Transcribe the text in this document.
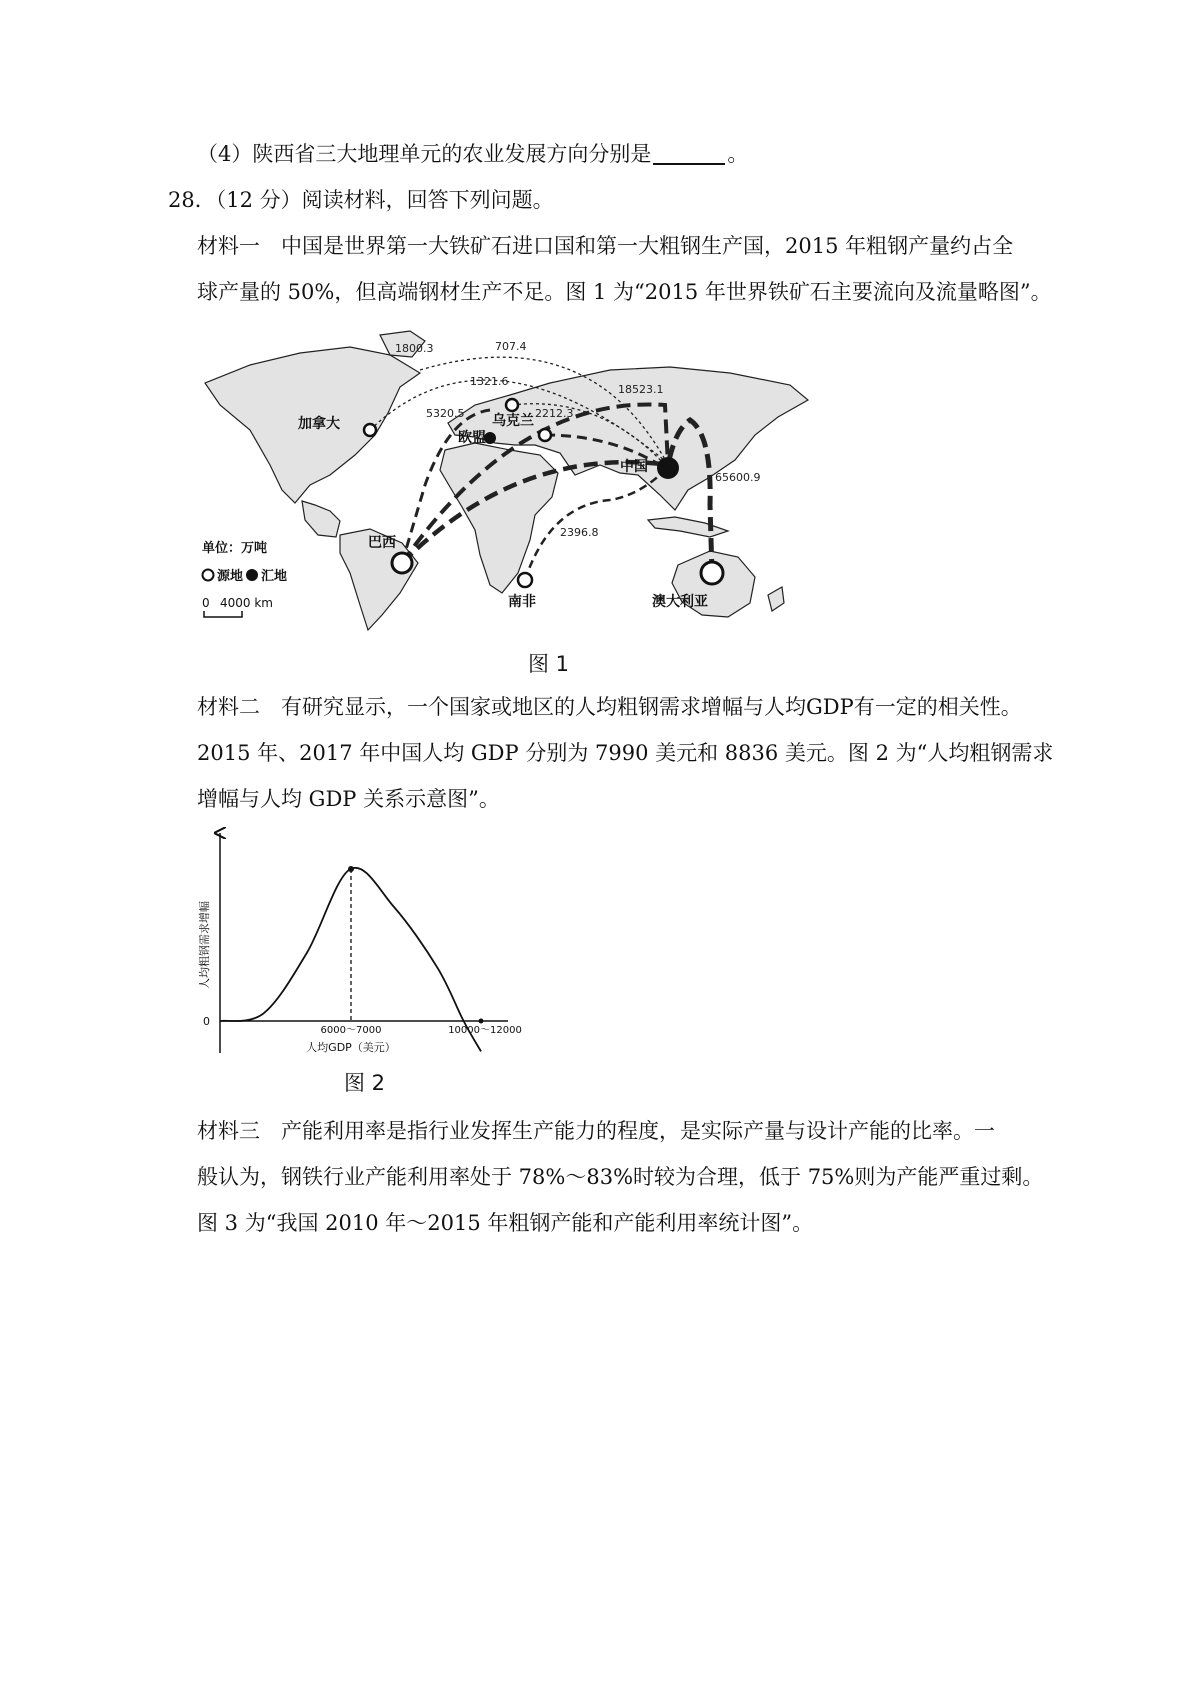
（4）陕西省三大地理单元的农业发展方向分别是	。
28．（12 分）阅读材料，回答下列问题。
材料一　中国是世界第一大铁矿石进口国和第一大粗钢生产国，2015 年粗钢产量约占全
球产量的 50%，但高端钢材生产不足。图 1 为“2015 年世界铁矿石主要流向及流量略图”。
加拿大
欧盟
乌克兰
中国
巴西
南非	澳大利亚
1800.3	707.4
1321.6
5320.5	2212.3
18523.1
65600.9
2396.8
单位：万吨
源地 汇地
0 4000 km
图 1
材料二　有研究显示，一个国家或地区的人均粗钢需求增幅与人均GDP有一定的相关性。
2015 年、2017 年中国人均 GDP 分别为 7990 美元和 8836 美元。图 2 为“人均粗钢需求
增幅与人均 GDP 关系示意图”。
人均粗钢需求增幅
0
6000～7000	10000～12000
人均GDP（美元）
图 2
材料三　产能利用率是指行业发挥生产能力的程度，是实际产量与设计产能的比率。一
般认为，钢铁行业产能利用率处于 78%～83%时较为合理，低于 75%则为产能严重过剩。
图 3 为“我国 2010 年～2015 年粗钢产能和产能利用率统计图”。
